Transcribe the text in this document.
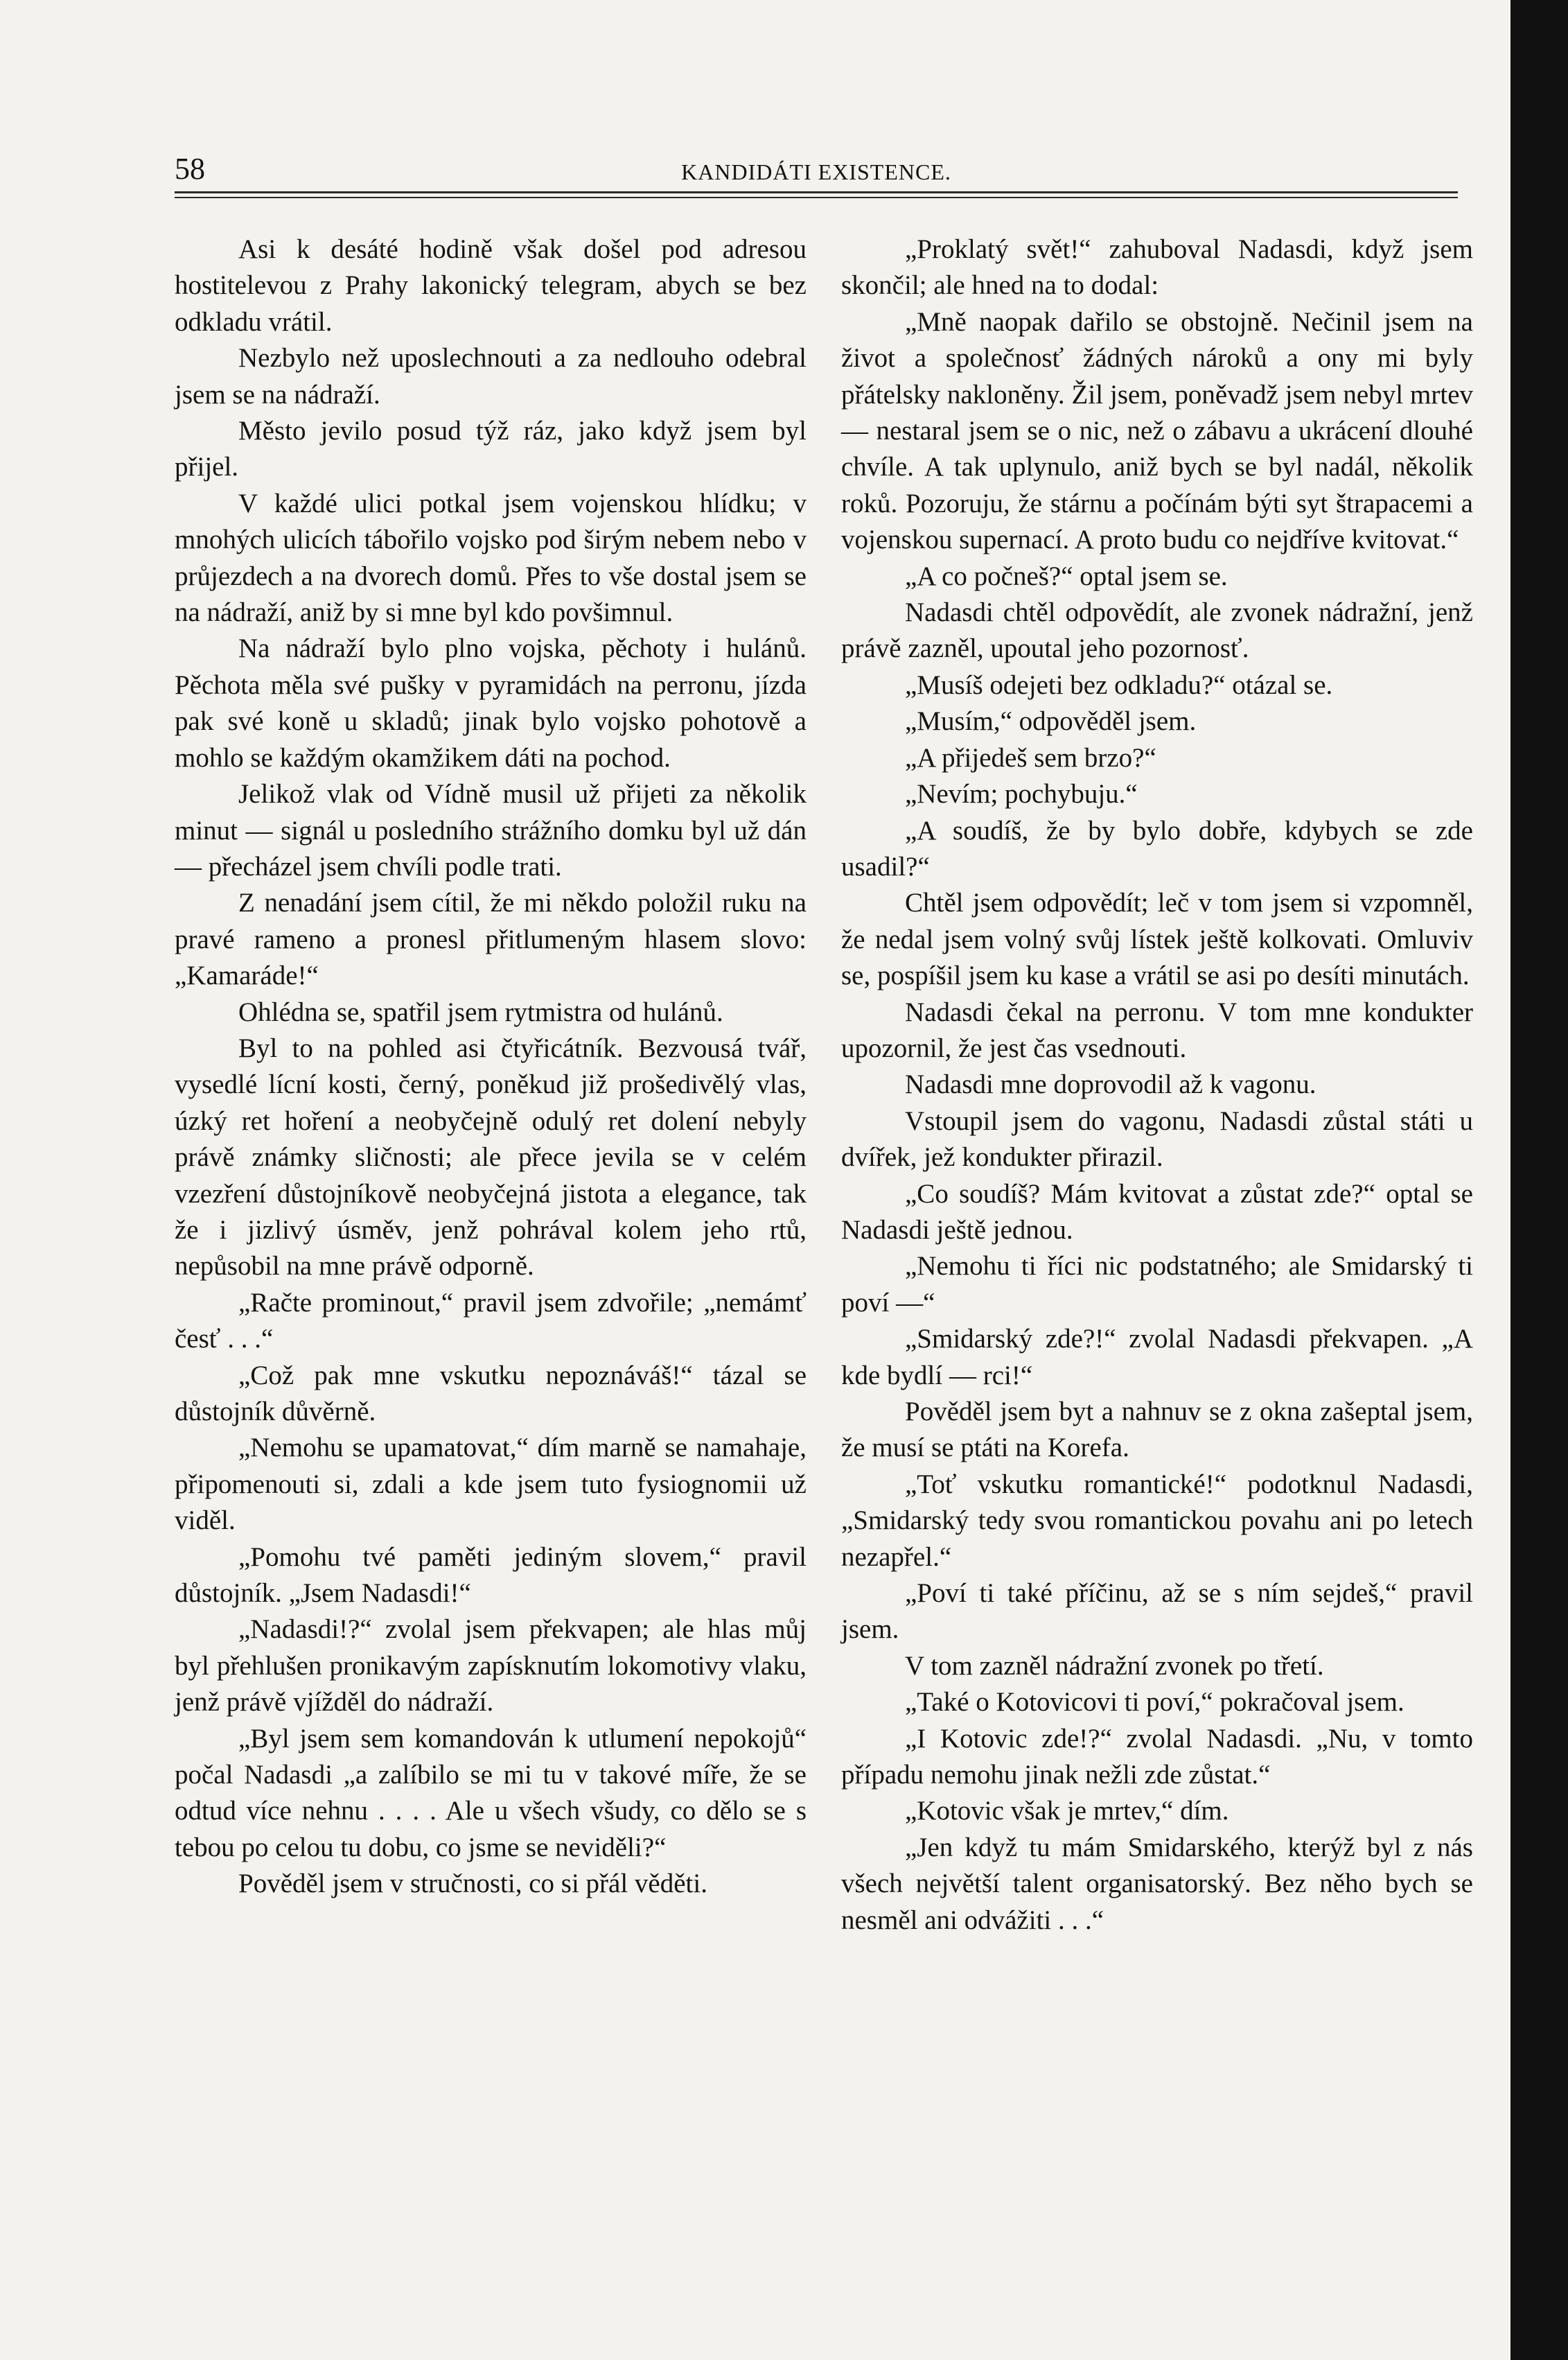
58	KANDIDÁTI EXISTENCE.

Asi k desáté hodině však došel pod adresou hostitelevou z Prahy lakonický telegram, abych se bez odkladu vrátil.

Nezbylo než uposlechnouti a za nedlouho odebral jsem se na nádraží.

Město jevilo posud týž ráz, jako když jsem byl přijel.

V každé ulici potkal jsem vojenskou hlídku; v mnohých ulicích tábořilo vojsko pod širým nebem nebo v průjezdech a na dvorech domů. Přes to vše dostal jsem se na nádraží, aniž by si mne byl kdo povšimnul.

Na nádraží bylo plno vojska, pěchoty i hulánů. Pěchota měla své pušky v pyramidách na perronu, jízda pak své koně u skladů; jinak bylo vojsko pohotově a mohlo se každým okamžikem dáti na pochod.

Jelikož vlak od Vídně musil už přijeti za několik minut — signál u posledního strážního domku byl už dán — přecházel jsem chvíli podle trati.

Z nenadání jsem cítil, že mi někdo položil ruku na pravé rameno a pronesl přitlumeným hlasem slovo: „Kamaráde!“

Ohlédna se, spatřil jsem rytmistra od hulánů.

Byl to na pohled asi čtyřicátník. Bezvousá tvář, vysedlé lícní kosti, černý, poněkud již prošedivělý vlas, úzký ret hoření a neobyčejně odulý ret dolení nebyly právě známky sličnosti; ale přece jevila se v celém vzezření důstojníkově neobyčejná jistota a elegance, tak že i jizlivý úsměv, jenž pohrával kolem jeho rtů, nepůsobil na mne právě odporně.

„Račte prominout,“ pravil jsem zdvořile; „nemámť česť . . .“

„Což pak mne vskutku nepoznáváš!“ tázal se důstojník důvěrně.

„Nemohu se upamatovat,“ dím marně se namahaje, připomenouti si, zdali a kde jsem tuto fysiognomii už viděl.

„Pomohu tvé paměti jediným slovem,“ pravil důstojník. „Jsem Nadasdi!“

„Nadasdi!?“ zvolal jsem překvapen; ale hlas můj byl přehlušen pronikavým zapísknutím lokomotivy vlaku, jenž právě vjížděl do nádraží.

„Byl jsem sem komandován k utlumení nepokojů“ počal Nadasdi „a zalíbilo se mi tu v takové míře, že se odtud více nehnu . . . . Ale u všech všudy, co dělo se s tebou po celou tu dobu, co jsme se neviděli?“

Pověděl jsem v stručnosti, co si přál věděti.

„Proklatý svět!“ zahuboval Nadasdi, když jsem skončil; ale hned na to dodal:

„Mně naopak dařilo se obstojně. Nečinil jsem na život a společnosť žádných nároků a ony mi byly přátelsky nakloněny. Žil jsem, poněvadž jsem nebyl mrtev — nestaral jsem se o nic, než o zábavu a ukrácení dlouhé chvíle. A tak uplynulo, aniž bych se byl nadál, několik roků. Pozoruju, že stárnu a počínám býti syt štrapacemi a vojenskou supernací. A proto budu co nejdříve kvitovat.“

„A co počneš?“ optal jsem se.

Nadasdi chtěl odpovědít, ale zvonek nádražní, jenž právě zazněl, upoutal jeho pozornosť.

„Musíš odejeti bez odkladu?“ otázal se.

„Musím,“ odpověděl jsem.

„A přijedeš sem brzo?“

„Nevím; pochybuju.“

„A soudíš, že by bylo dobře, kdybych se zde usadil?“

Chtěl jsem odpovědít; leč v tom jsem si vzpomněl, že nedal jsem volný svůj lístek ještě kolkovati. Omluviv se, pospíšil jsem ku kase a vrátil se asi po desíti minutách.

Nadasdi čekal na perronu. V tom mne kondukter upozornil, že jest čas vsednouti.

Nadasdi mne doprovodil až k vagonu.

Vstoupil jsem do vagonu, Nadasdi zůstal státi u dvířek, jež kondukter přirazil.

„Co soudíš? Mám kvitovat a zůstat zde?“ optal se Nadasdi ještě jednou.

„Nemohu ti říci nic podstatného; ale Smidarský ti poví —“

„Smidarský zde?!“ zvolal Nadasdi překvapen. „A kde bydlí — rci!“

Pověděl jsem byt a nahnuv se z okna zašeptal jsem, že musí se ptáti na Korefa.

„Toť vskutku romantické!“ podotknul Nadasdi, „Smidarský tedy svou romantickou povahu ani po letech nezapřel.“

„Poví ti také příčinu, až se s ním sejdeš,“ pravil jsem.

V tom zazněl nádražní zvonek po třetí.

„Také o Kotovicovi ti poví,“ pokračoval jsem.

„I Kotovic zde!?“ zvolal Nadasdi. „Nu, v tomto případu nemohu jinak nežli zde zůstat.“

„Kotovic však je mrtev,“ dím.

„Jen když tu mám Smidarského, kterýž byl z nás všech největší talent organisatorský. Bez něho bych se nesměl ani odvážiti . . .“
